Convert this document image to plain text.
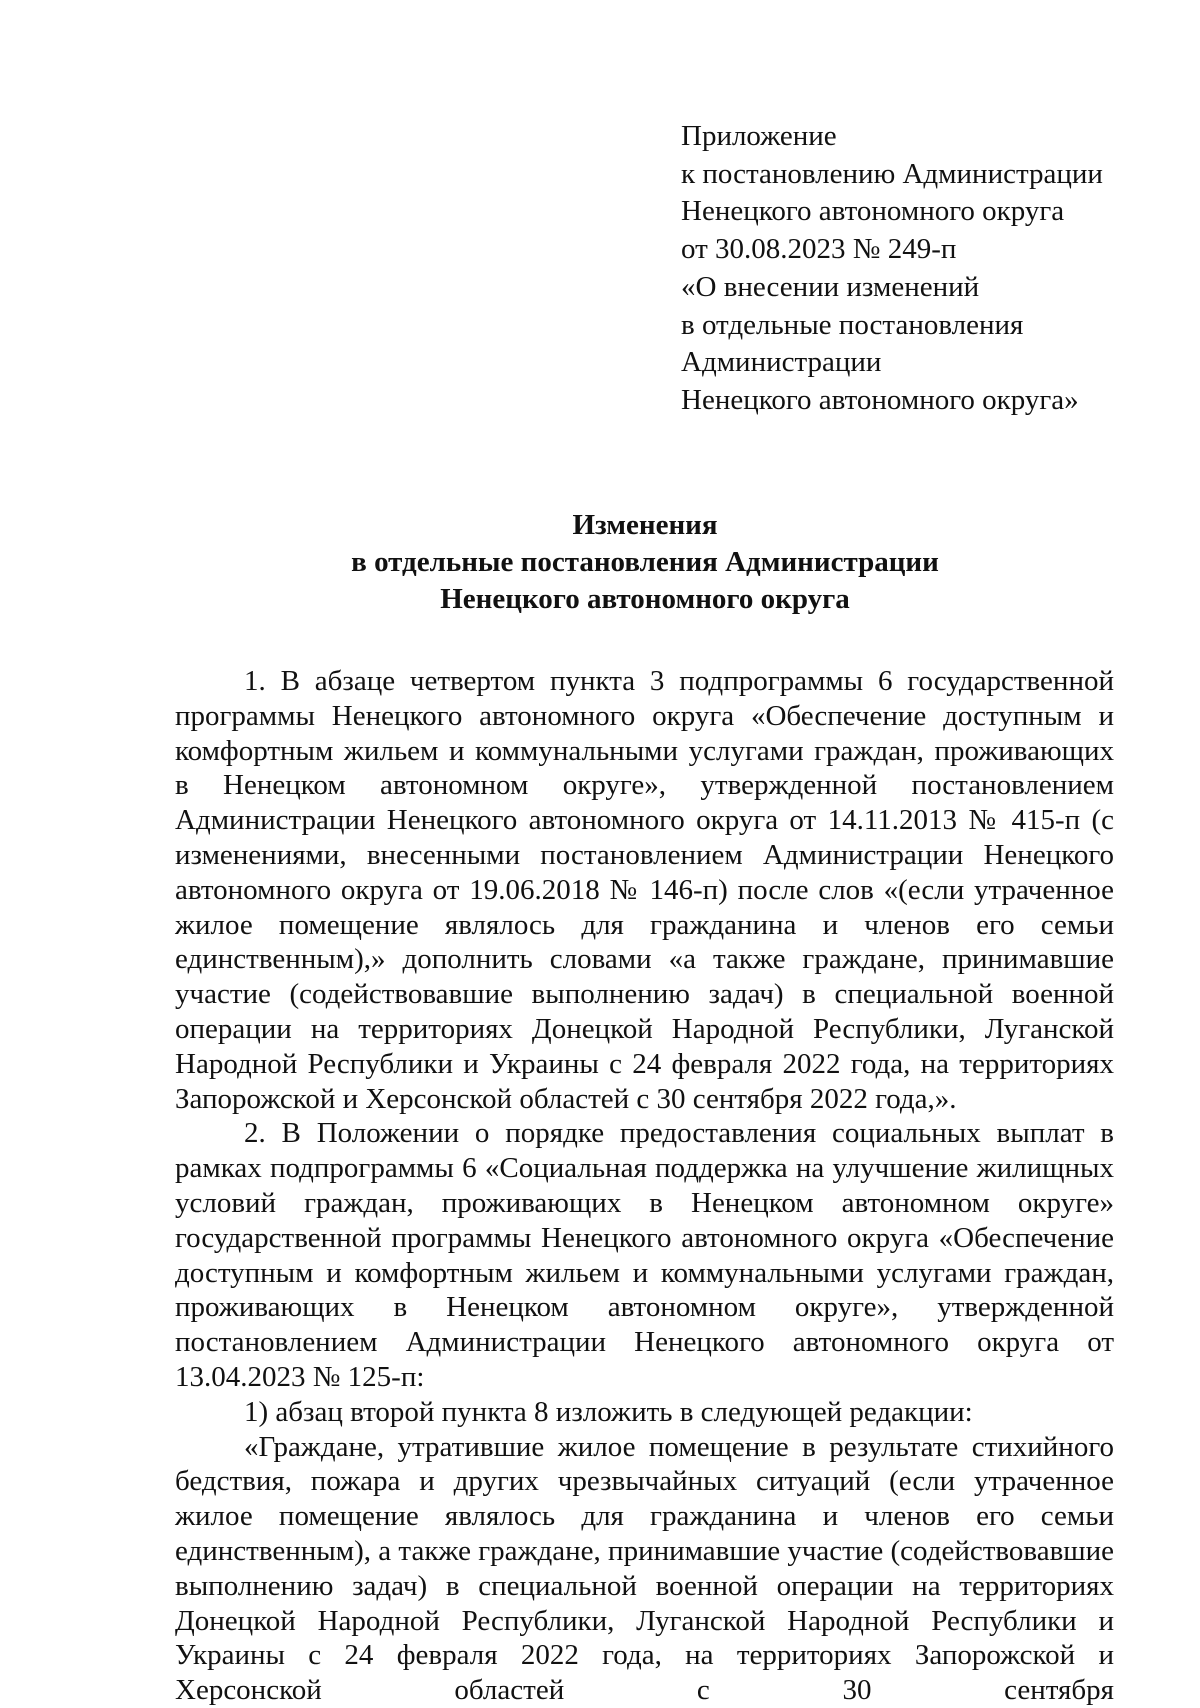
Приложение
к постановлению Администрации
Ненецкого автономного округа
от 30.08.2023 № 249-п
«О внесении изменений
в отдельные постановления
Администрации
Ненецкого автономного округа»
Изменения
в отдельные постановления Администрации
Ненецкого автономного округа

1. В абзаце четвертом пункта 3 подпрограммы 6 государственной программы Ненецкого автономного округа «Обеспечение доступным и комфортным жильем и коммунальными услугами граждан, проживающих в Ненецком автономном округе», утвержденной постановлением Администрации Ненецкого автономного округа от 14.11.2013 № 415-п (с изменениями, внесенными постановлением Администрации Ненецкого автономного округа от 19.06.2018 № 146-п) после слов «(если утраченное жилое помещение являлось для гражданина и членов его семьи единственным),» дополнить словами «а также граждане, принимавшие участие (содействовавшие выполнению задач) в специальной военной операции на территориях Донецкой Народной Республики, Луганской Народной Республики и Украины с 24 февраля 2022 года, на территориях Запорожской и Херсонской областей с 30 сентября 2022 года,».

2. В Положении о порядке предоставления социальных выплат в рамках подпрограммы 6 «Социальная поддержка на улучшение жилищных условий граждан, проживающих в Ненецком автономном округе» государственной программы Ненецкого автономного округа «Обеспечение доступным и комфортным жильем и коммунальными услугами граждан, проживающих в Ненецком автономном округе», утвержденной постановлением Администрации Ненецкого автономного округа от 13.04.2023 № 125-п:

1) абзац второй пункта 8 изложить в следующей редакции:

«Граждане, утратившие жилое помещение в результате стихийного бедствия, пожара и других чрезвычайных ситуаций (если утраченное жилое помещение являлось для гражданина и членов его семьи единственным), а также граждане, принимавшие участие (содействовавшие выполнению задач) в специальной военной операции на территориях Донецкой Народной Республики, Луганской Народной Республики и Украины с 24 февраля 2022 года, на территориях Запорожской и Херсонской областей с 30 сентября
